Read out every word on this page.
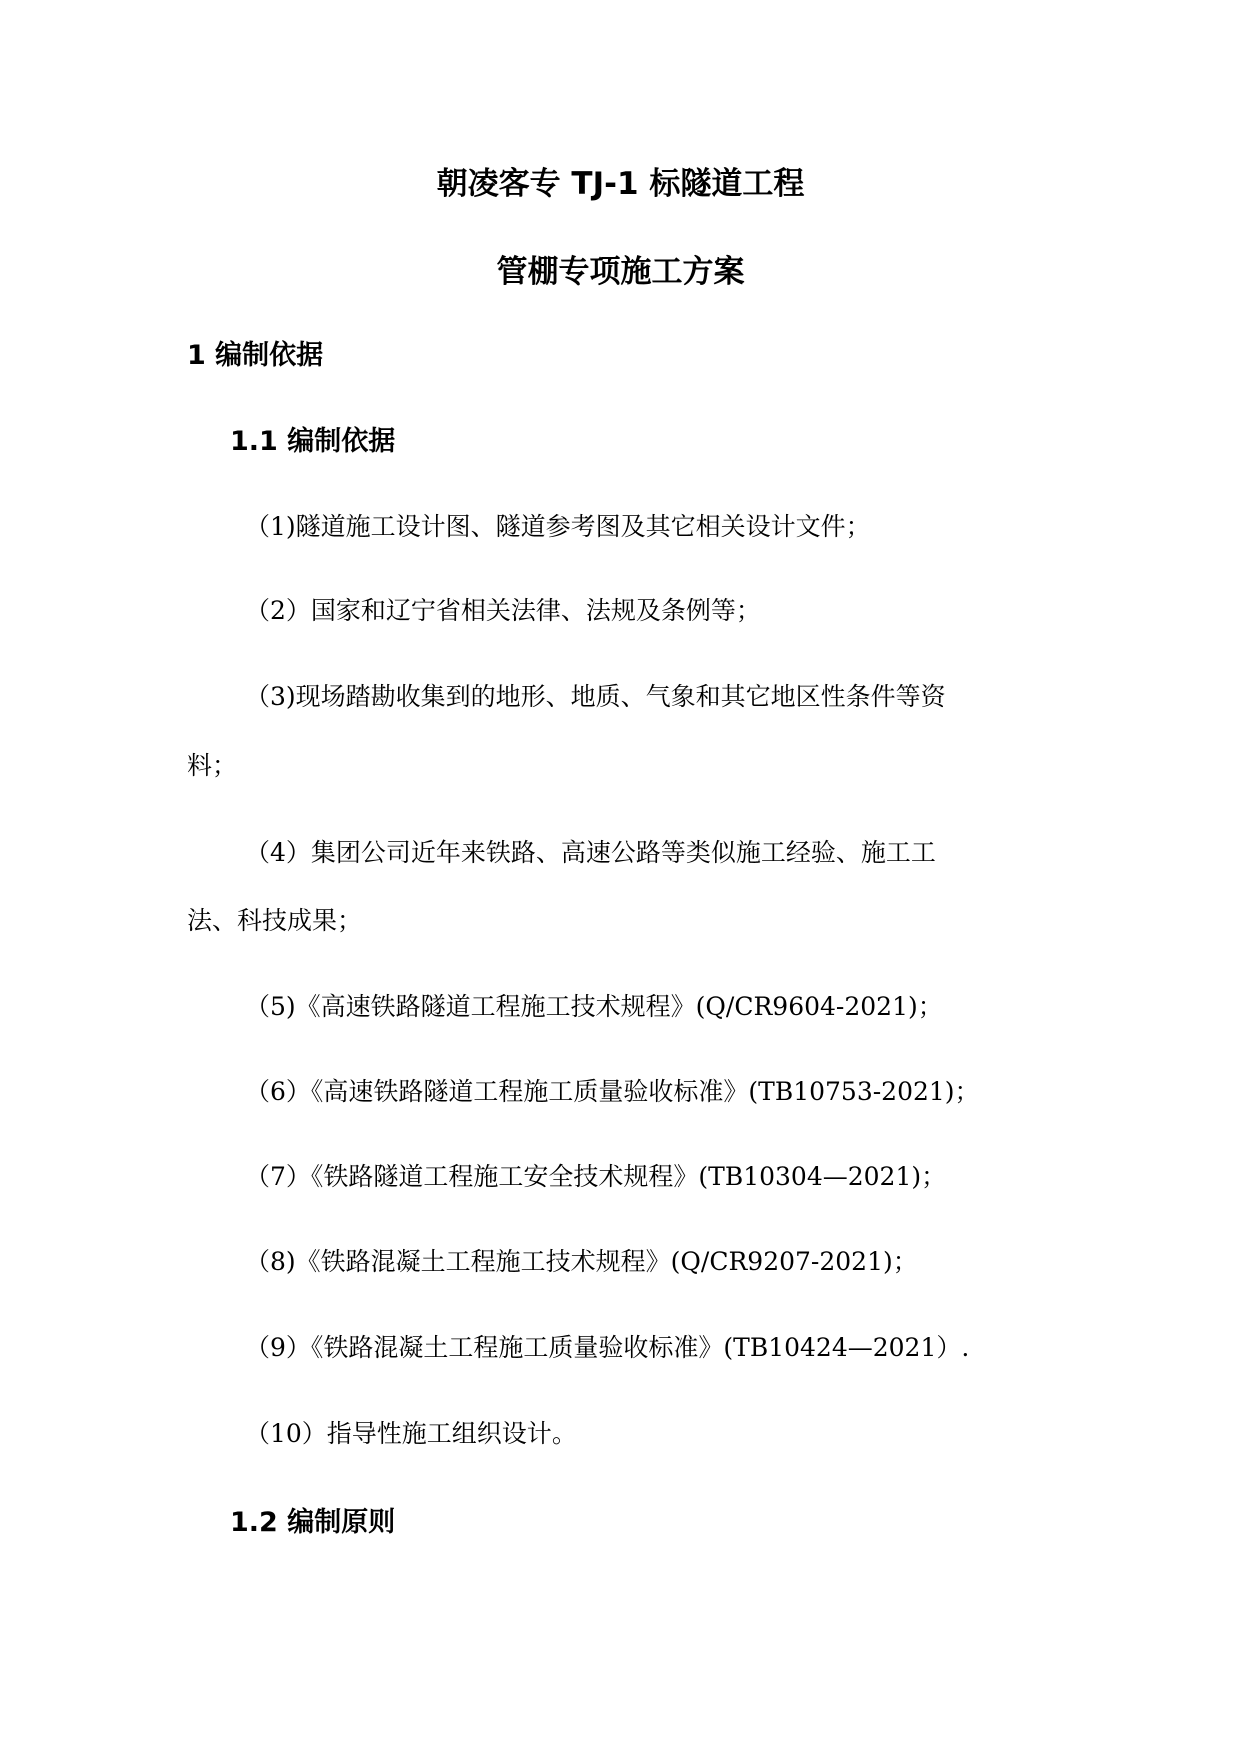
朝凌客专 TJ-1 标隧道工程
管棚专项施工方案
1 编制依据
1.1 编制依据
（1)隧道施工设计图、隧道参考图及其它相关设计文件；
（2）国家和辽宁省相关法律、法规及条例等；
（3)现场踏勘收集到的地形、地质、气象和其它地区性条件等资
料；
（4）集团公司近年来铁路、高速公路等类似施工经验、施工工
法、科技成果；
（5)《高速铁路隧道工程施工技术规程》(Q/CR9604-2021)；
（6）《高速铁路隧道工程施工质量验收标准》(TB10753-2021)；
（7）《铁路隧道工程施工安全技术规程》(TB10304—2021)；
（8)《铁路混凝土工程施工技术规程》(Q/CR9207-2021)；
（9）《铁路混凝土工程施工质量验收标准》(TB10424—2021）.
（10）指导性施工组织设计。
1.2 编制原则
